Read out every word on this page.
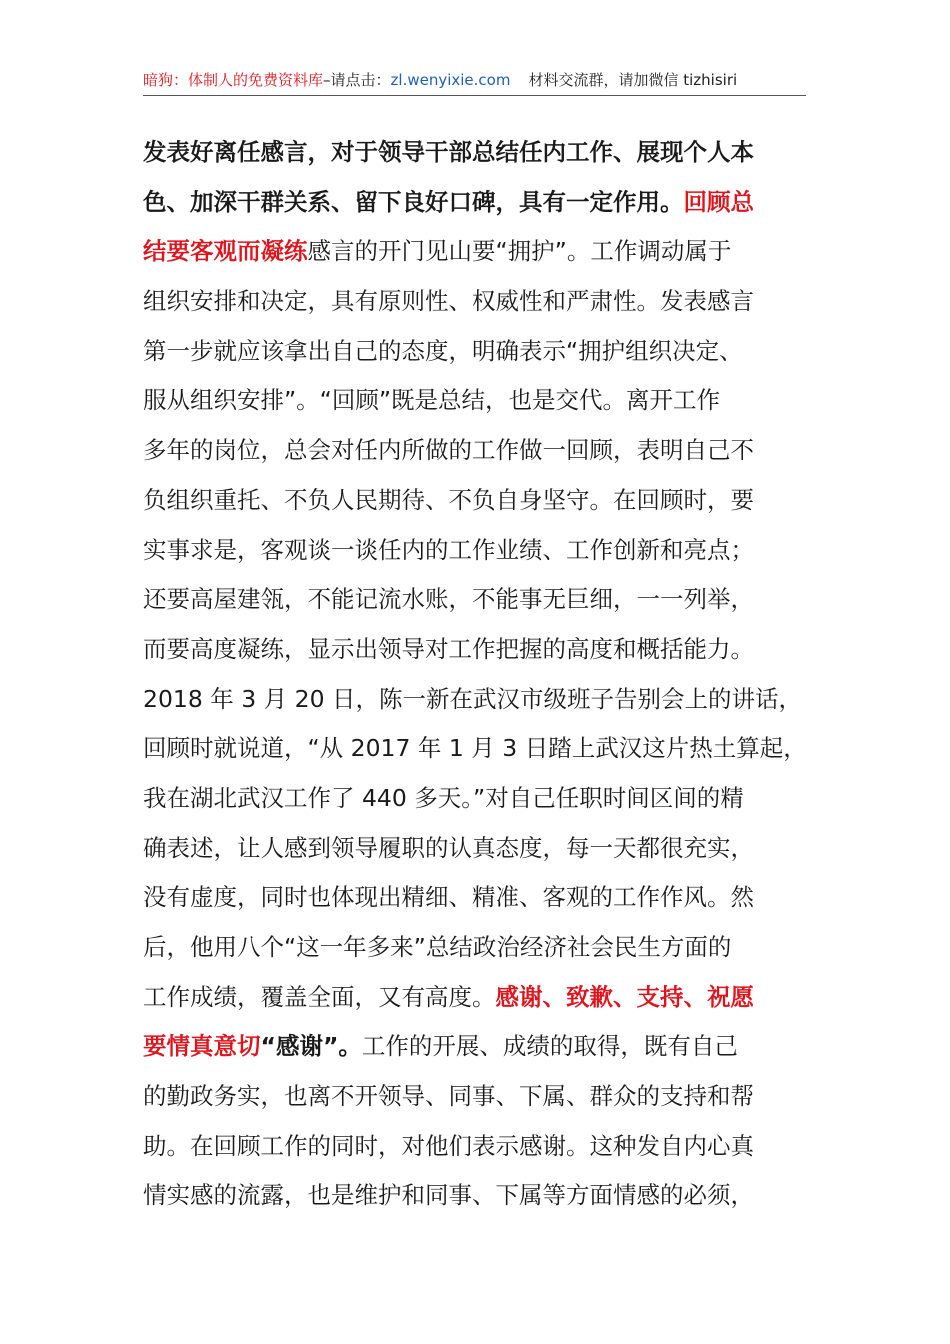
暗狗：体制人的免费资料库–请点击：zl.wenyixie.com 材料交流群，请加微信 tizhisiri
发表好离任感言，对于领导干部总结任内工作、展现个人本
色、加深干群关系、留下良好口碑，具有一定作用。回顾总
结要客观而凝练感言的开门见山要“拥护”。工作调动属于
组织安排和决定，具有原则性、权威性和严肃性。发表感言
第一步就应该拿出自己的态度，明确表示“拥护组织决定、
服从组织安排”。“回顾”既是总结，也是交代。离开工作
多年的岗位，总会对任内所做的工作做一回顾，表明自己不
负组织重托、不负人民期待、不负自身坚守。在回顾时，要
实事求是，客观谈一谈任内的工作业绩、工作创新和亮点；
还要高屋建瓴，不能记流水账，不能事无巨细，一一列举，
而要高度凝练，显示出领导对工作把握的高度和概括能力。
2018 年 3 月 20 日，陈一新在武汉市级班子告别会上的讲话，
回顾时就说道，“从 2017 年 1 月 3 日踏上武汉这片热土算起，
我在湖北武汉工作了 440 多天。”对自己任职时间区间的精
确表述，让人感到领导履职的认真态度，每一天都很充实，
没有虚度，同时也体现出精细、精准、客观的工作作风。然
后，他用八个“这一年多来”总结政治经济社会民生方面的
工作成绩，覆盖全面，又有高度。感谢、致歉、支持、祝愿
要情真意切“感谢”。工作的开展、成绩的取得，既有自己
的勤政务实，也离不开领导、同事、下属、群众的支持和帮
助。在回顾工作的同时，对他们表示感谢。这种发自内心真
情实感的流露，也是维护和同事、下属等方面情感的必须，
